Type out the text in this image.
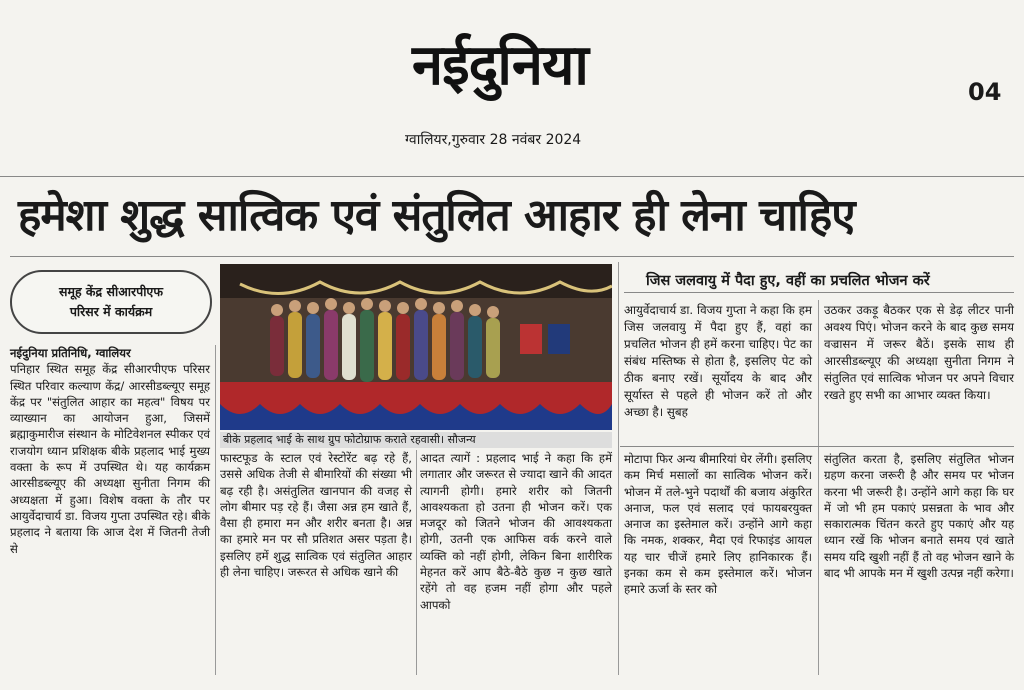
नईदुनिया	04
ग्वालियर,गुरुवार 28 नवंबर 2024
हमेशा शुद्ध सात्विक एवं संतुलित आहार ही लेना चाहिए
समूह केंद्र सीआरपीएफ
परिसर में कार्यक्रम
बीके प्रहलाद भाई के साथ ग्रुप फोटोग्राफ कराते रहवासी। सौजन्य
जिस जलवायु में पैदा हुए, वहीं का प्रचलित भोजन करें

नईदुनिया प्रतिनिधि, ग्वालियर

पनिहार स्थित समूह केंद्र सीआरपीएफ परिसर स्थित परिवार कल्याण केंद्र/ आरसीडब्ल्यूए समूह केंद्र पर "संतुलित आहार का महत्व" विषय पर व्याख्यान का आयोजन हुआ, जिसमें ब्रह्माकुमारीज संस्थान के मोटिवेशनल स्पीकर एवं राजयोग ध्यान प्रशिक्षक बीके प्रहलाद भाई मुख्य वक्ता के रूप में उपस्थित थे। यह कार्यक्रम आरसीडब्ल्यूए की अध्यक्षा सुनीता निगम की अध्यक्षता में हुआ। विशेष वक्ता के तौर पर आयुर्वेदाचार्य डा. विजय गुप्ता उपस्थित रहे। बीके प्रहलाद ने बताया कि आज देश में जितनी तेजी से

फास्टफूड के स्टाल एवं रेस्टोरेंट बढ़ रहे हैं, उससे अधिक तेजी से बीमारियों की संख्या भी बढ़ रही है। असंतुलित खानपान की वजह से लोग बीमार पड़ रहे हैं। जैसा अन्न हम खाते हैं, वैसा ही हमारा मन और शरीर बनता है। अन्न का हमारे मन पर सौ प्रतिशत असर पड़ता है। इसलिए हमें शुद्ध सात्विक एवं संतुलित आहार ही लेना चाहिए। जरूरत से अधिक खाने की

आदत त्यागें : प्रहलाद भाई ने कहा कि हमें लगातार और जरूरत से ज्यादा खाने की आदत त्यागनी होगी। हमारे शरीर को जितनी आवश्यकता हो उतना ही भोजन करें। एक मजदूर को जितने भोजन की आवश्यकता होगी, उतनी एक आफिस वर्क करने वाले व्यक्ति को नहीं होगी, लेकिन बिना शारीरिक मेहनत करें आप बैठे-बैठे कुछ न कुछ खाते रहेंगे तो वह हजम नहीं होगा और पहले आपको

आयुर्वेदाचार्य डा. विजय गुप्ता ने कहा कि हम जिस जलवायु में पैदा हुए हैं, वहां का प्रचलित भोजन ही हमें करना चाहिए। पेट का संबंध मस्तिष्क से होता है, इसलिए पेट को ठीक बनाए रखें। सूर्योदय के बाद और सूर्यास्त से पहले ही भोजन करें तो और अच्छा है। सुबह

उठकर उकड़ू बैठकर एक से डेढ़ लीटर पानी अवश्य पिएं। भोजन करने के बाद कुछ समय वज्रासन में जरूर बैठें। इसके साथ ही आरसीडब्ल्यूए की अध्यक्षा सुनीता निगम ने संतुलित एवं सात्विक भोजन पर अपने विचार रखते हुए सभी का आभार व्यक्त किया।

मोटापा फिर अन्य बीमारियां घेर लेंगी। इसलिए कम मिर्च मसालों का सात्विक भोजन करें। भोजन में तले-भुने पदार्थों की बजाय अंकुरित अनाज, फल एवं सलाद एवं फायबरयुक्त अनाज का इस्तेमाल करें। उन्होंने आगे कहा कि नमक, शक्कर, मैदा एवं रिफाइंड आयल यह चार चीजें हमारे लिए हानिकारक हैं। इनका कम से कम इस्तेमाल करें। भोजन हमारे ऊर्जा के स्तर को

संतुलित करता है, इसलिए संतुलित भोजन ग्रहण करना जरूरी है और समय पर भोजन करना भी जरूरी है। उन्होंने आगे कहा कि घर में जो भी हम पकाएं प्रसन्नता के भाव और सकारात्मक चिंतन करते हुए पकाएं और यह ध्यान रखें कि भोजन बनाते समय एवं खाते समय यदि खुशी नहीं हैं तो वह भोजन खाने के बाद भी आपके मन में खुशी उत्पन्न नहीं करेगा।
